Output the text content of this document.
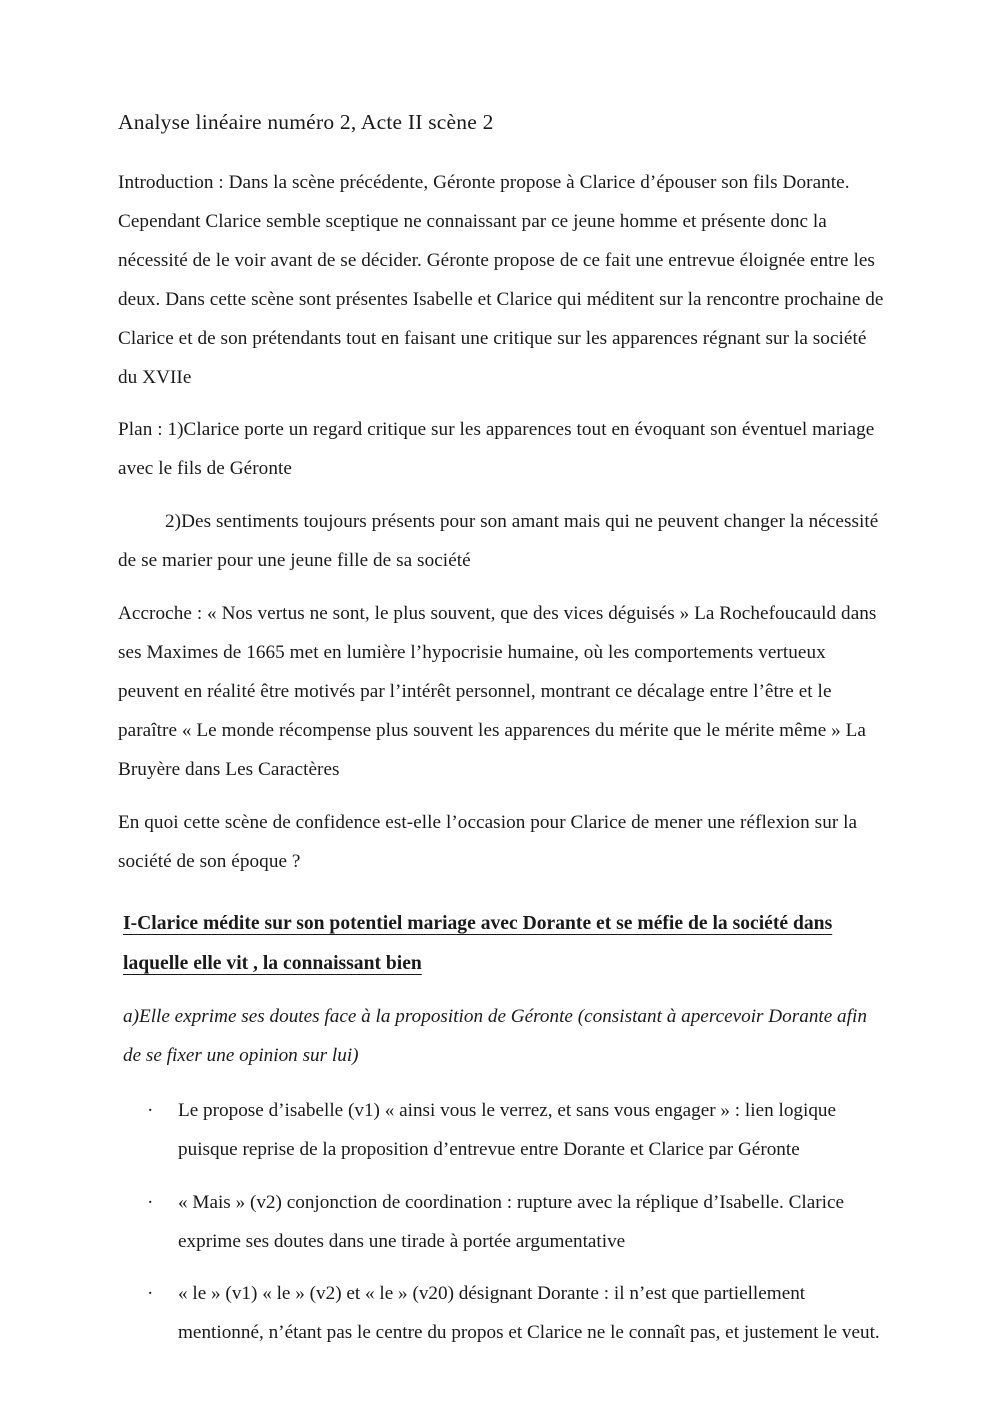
Analyse linéaire numéro 2, Acte II scène 2

Introduction : Dans la scène précédente, Géronte propose à Clarice d’épouser son fils Dorante. Cependant Clarice semble sceptique ne connaissant par ce jeune homme et présente donc la nécessité de le voir avant de se décider. Géronte propose de ce fait une entrevue éloignée entre les deux. Dans cette scène sont présentes Isabelle et Clarice qui méditent sur la rencontre prochaine de Clarice et de son prétendants tout en faisant une critique sur les apparences régnant sur la société du XVIIe

Plan : 1)Clarice porte un regard critique sur les apparences tout en évoquant son éventuel mariage avec le fils de Géronte

2)Des sentiments toujours présents pour son amant mais qui ne peuvent changer la nécessité de se marier pour une jeune fille de sa société

Accroche : « Nos vertus ne sont, le plus souvent, que des vices déguisés » La Rochefoucauld dans ses Maximes de 1665 met en lumière l’hypocrisie humaine, où les comportements vertueux peuvent en réalité être motivés par l’intérêt personnel, montrant ce décalage entre l’être et le paraître « Le monde récompense plus souvent les apparences du mérite que le mérite même » La Bruyère dans Les Caractères

En quoi cette scène de confidence est-elle l’occasion pour Clarice de mener une réflexion sur la société de son époque ?

I-Clarice médite sur son potentiel mariage avec Dorante et se méfie de la société dans laquelle elle vit , la connaissant bien

a)Elle exprime ses doutes face à la proposition de Géronte (consistant à apercevoir Dorante afin de se fixer une opinion sur lui)

· Le propose d’isabelle (v1) « ainsi vous le verrez, et sans vous engager » : lien logique puisque reprise de la proposition d’entrevue entre Dorante et Clarice par Géronte
· « Mais » (v2) conjonction de coordination : rupture avec la réplique d’Isabelle. Clarice exprime ses doutes dans une tirade à portée argumentative
· « le » (v1) « le » (v2) et « le » (v20) désignant Dorante : il n’est que partiellement mentionné, n’étant pas le centre du propos et Clarice ne le connaît pas, et justement le veut.
